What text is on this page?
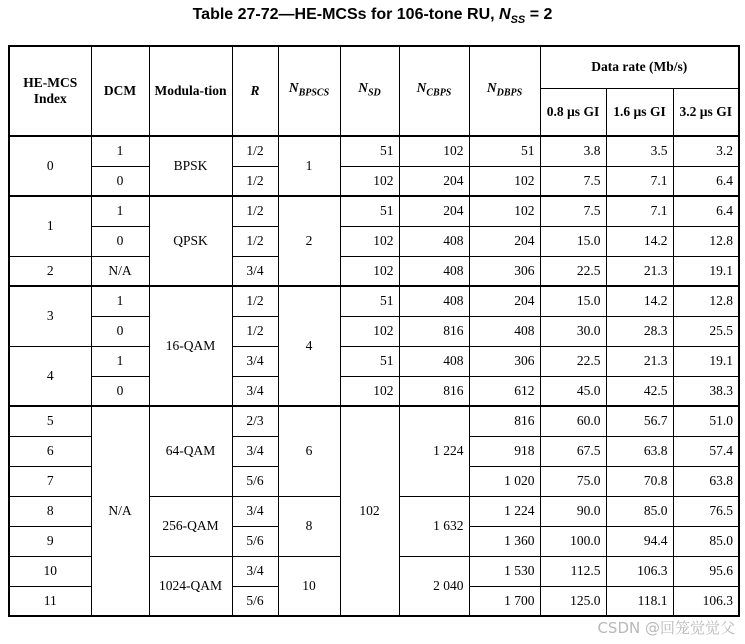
Table 27-72—HE-MCSs for 106-tone RU, $N_{SS} = 2$
HE-MCS Index	DCM	Modula-tion	R	$N_{BPSCS}$	$N_{SD}$	$N_{CBPS}$	$N_{DBPS}$	Data rate (Mb/s)		
								0.8 µs GI	1.6 µs GI	3.2 µs GI
0	1	BPSK	1/2	1	51	102	51	3.8	3.5	3.2
	0		1/2		102	204	102	7.5	7.1	6.4
1	1	QPSK	1/2	2	51	204	102	7.5	7.1	6.4
	0		1/2		102	408	204	15.0	14.2	12.8
2	N/A		3/4		102	408	306	22.5	21.3	19.1
3	1	16-QAM	1/2	4	51	408	204	15.0	14.2	12.8
	0		1/2		102	816	408	30.0	28.3	25.5
4	1		3/4		51	408	306	22.5	21.3	19.1
	0		3/4		102	816	612	45.0	42.5	38.3
5	N/A	64-QAM	2/3	6	102	1 224	816	60.0	56.7	51.0
6			3/4				918	67.5	63.8	57.4
7			5/6				1 020	75.0	70.8	63.8
8		256-QAM	3/4	8		1 632	1 224	90.0	85.0	76.5
9			5/6				1 360	100.0	94.4	85.0
10		1024-QAM	3/4	10		2 040	1 530	112.5	106.3	95.6
11			5/6				1 700	125.0	118.1	106.3
CSDN @回笼觉觉父
